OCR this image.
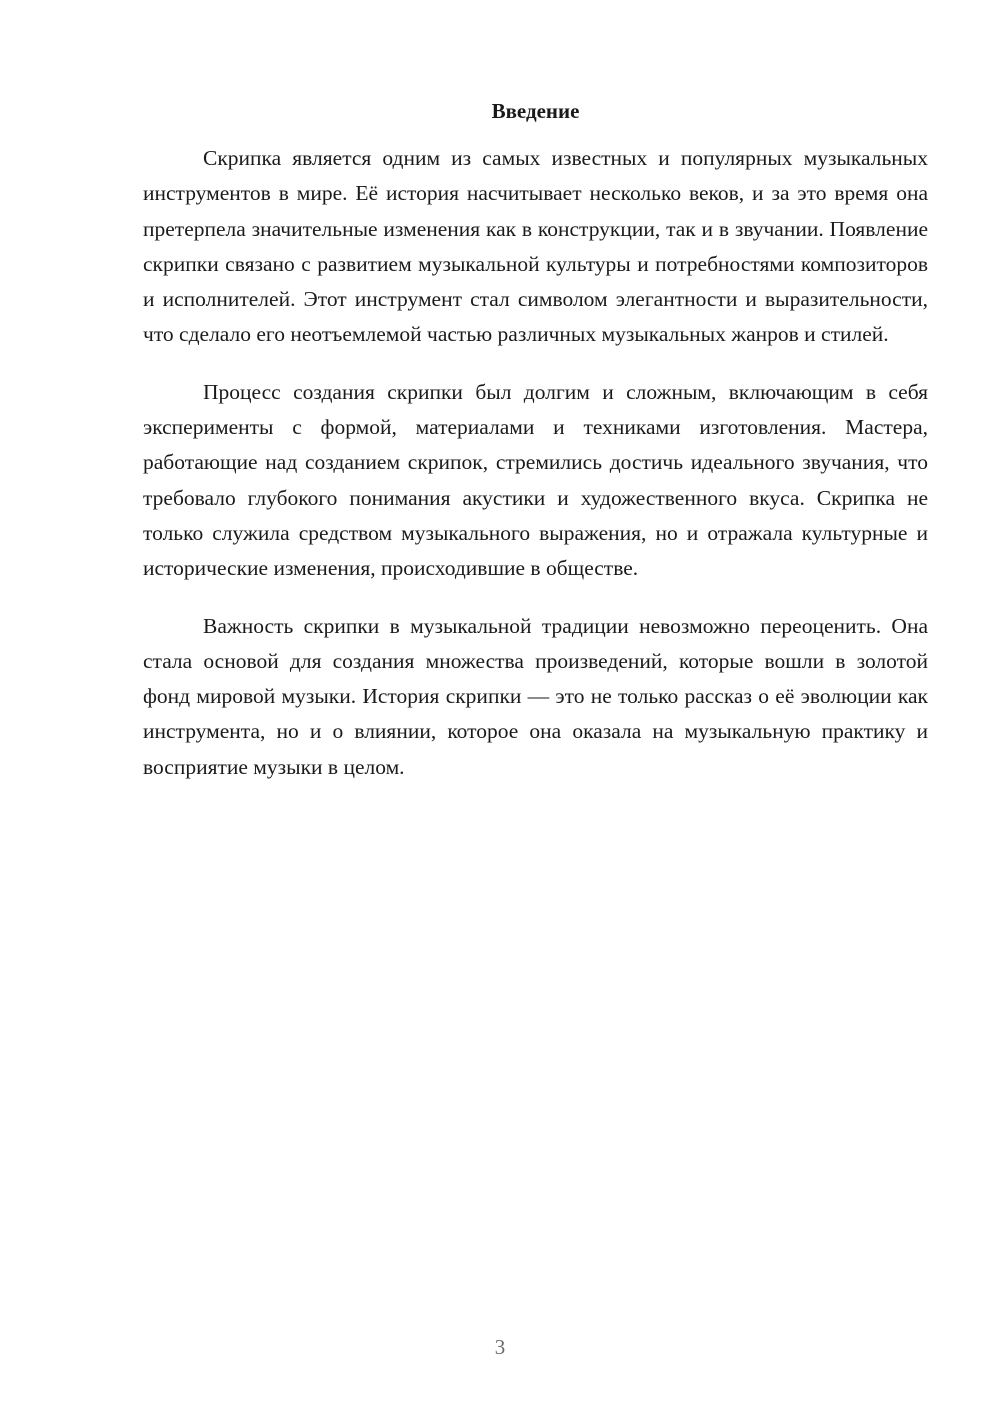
Введение

Скрипка является одним из самых известных и популярных музыкальных инструментов в мире. Её история насчитывает несколько веков, и за это время она претерпела значительные изменения как в конструкции, так и в звучании. Появление скрипки связано с развитием музыкальной культуры и потребностями композиторов и исполнителей. Этот инструмент стал символом элегантности и выразительности, что сделало его неотъемлемой частью различных музыкальных жанров и стилей.

Процесс создания скрипки был долгим и сложным, включающим в себя эксперименты с формой, материалами и техниками изготовления. Мастера, работающие над созданием скрипок, стремились достичь идеального звучания, что требовало глубокого понимания акустики и художественного вкуса. Скрипка не только служила средством музыкального выражения, но и отражала культурные и исторические изменения, происходившие в обществе.

Важность скрипки в музыкальной традиции невозможно переоценить. Она стала основой для создания множества произведений, которые вошли в золотой фонд мировой музыки. История скрипки — это не только рассказ о её эволюции как инструмента, но и о влиянии, которое она оказала на музыкальную практику и восприятие музыки в целом.

3
